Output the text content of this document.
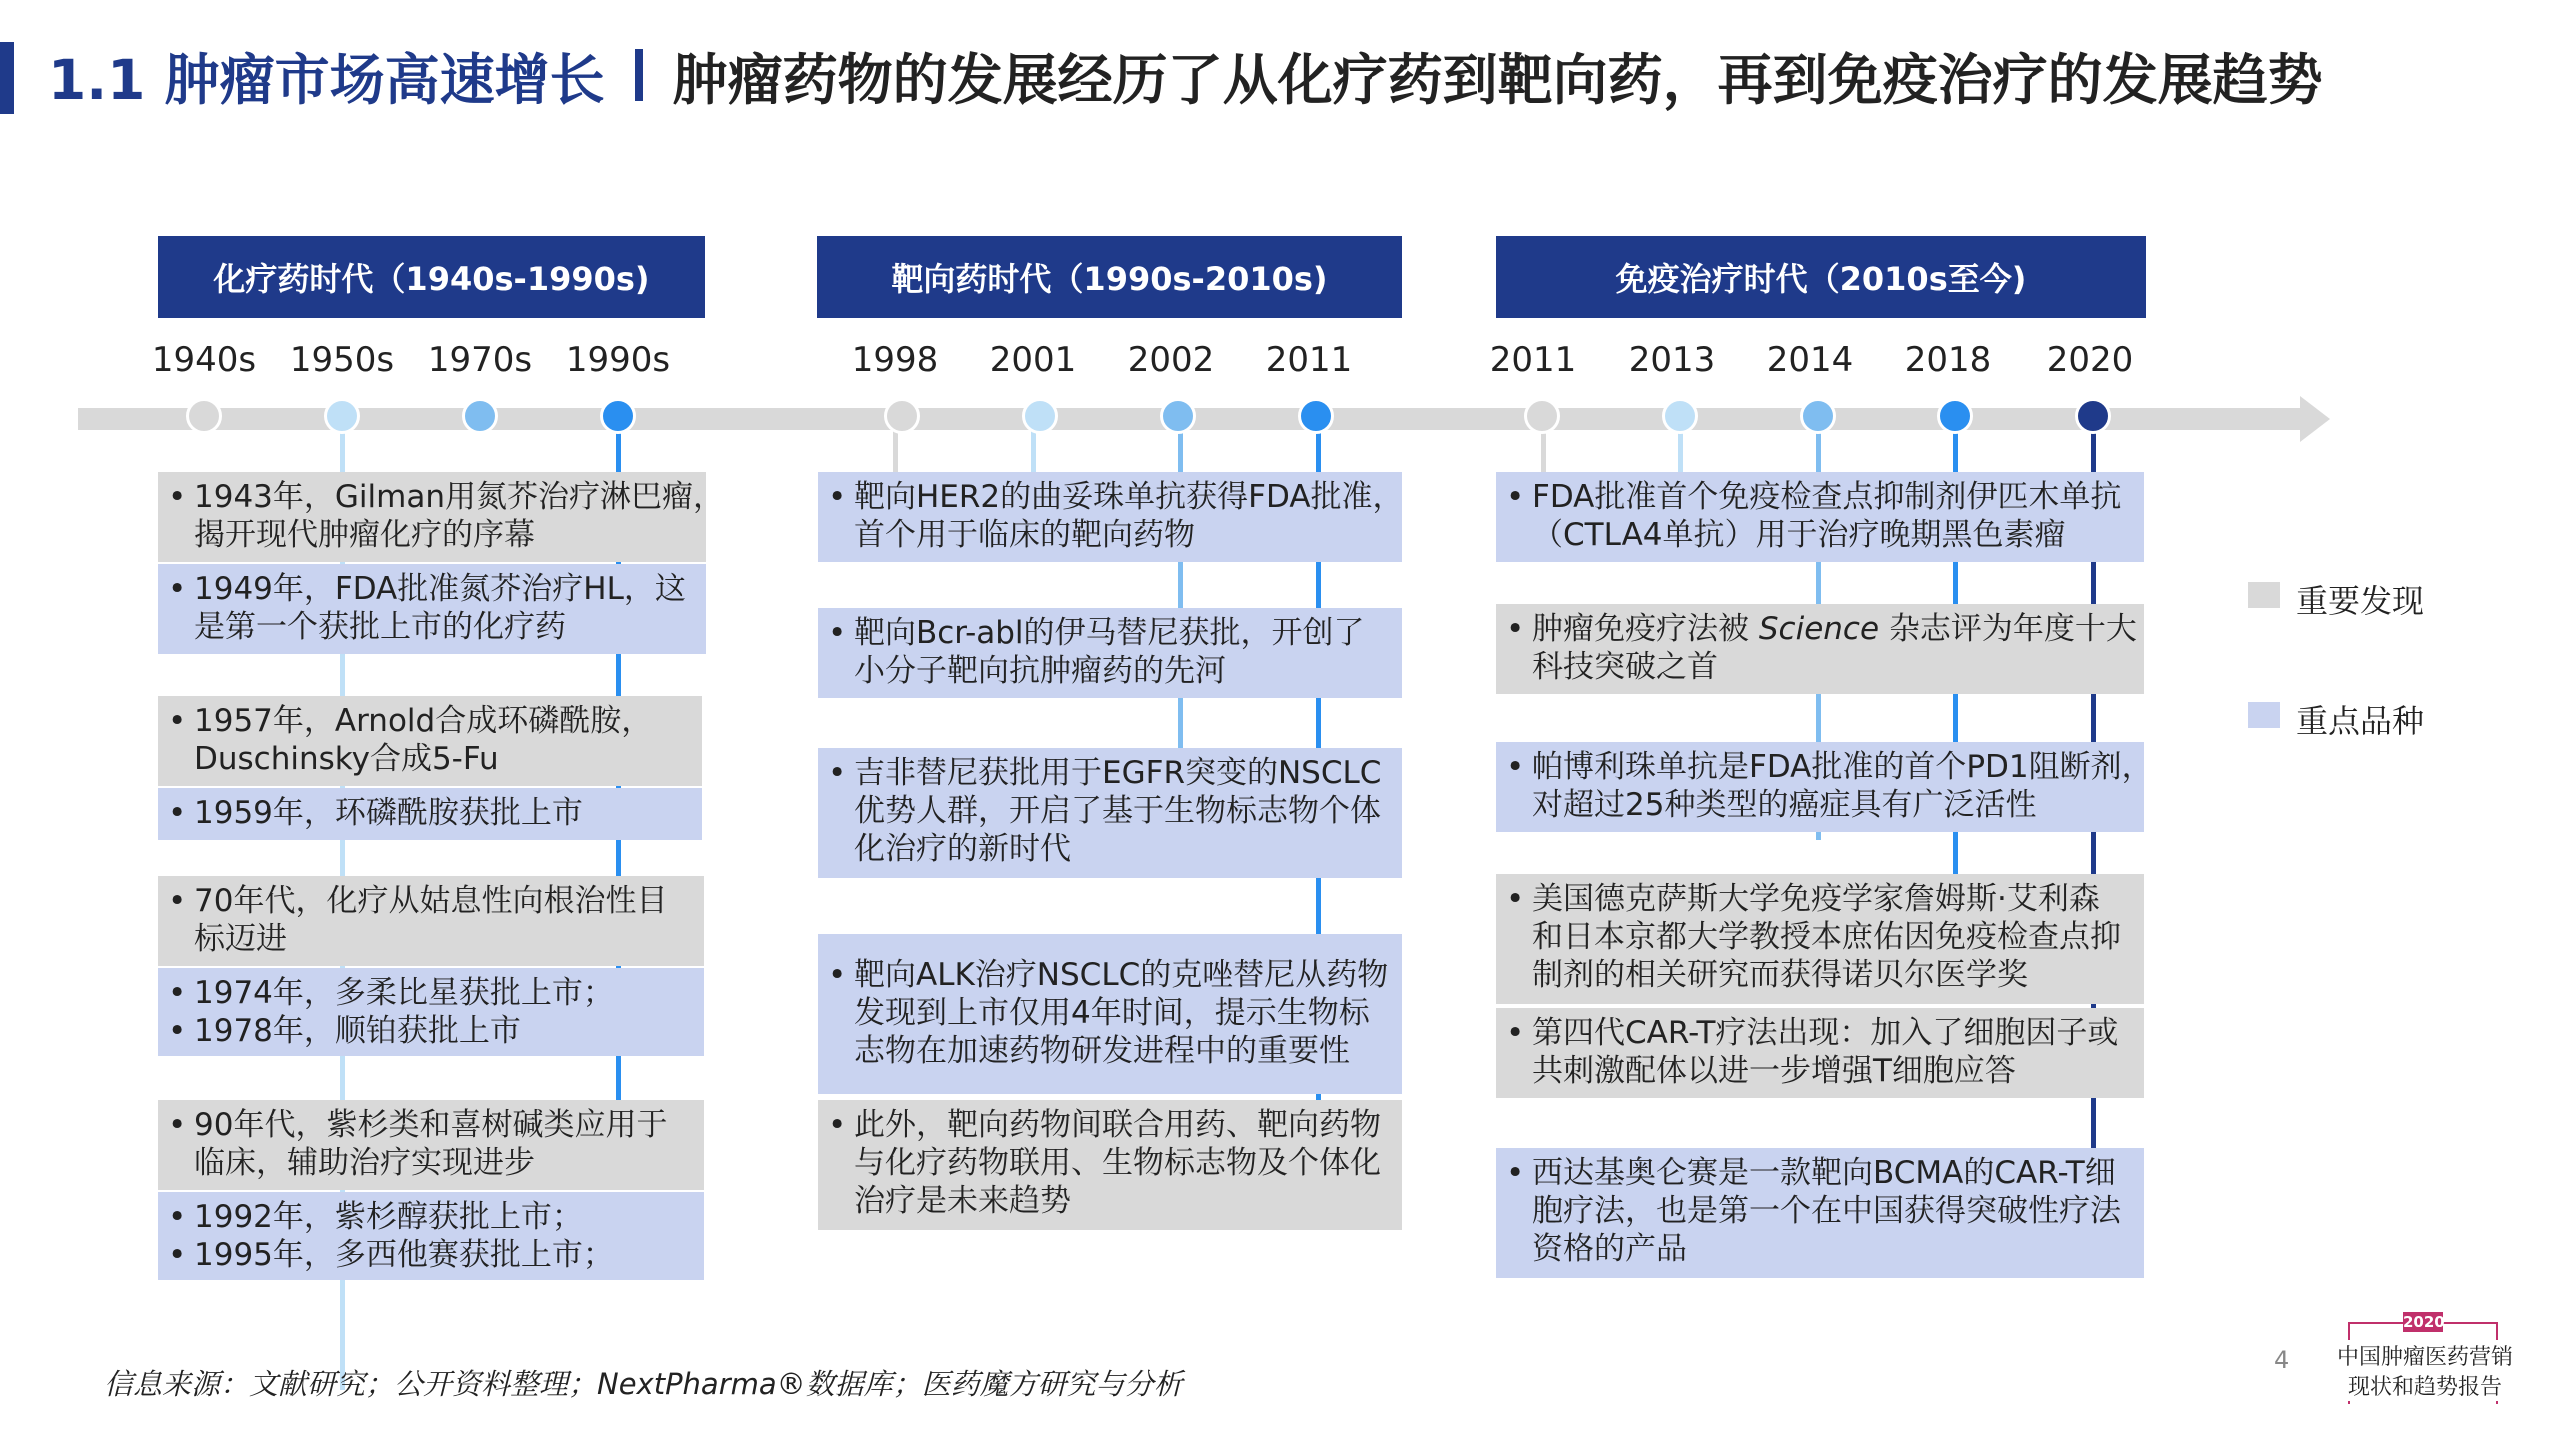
1.1 肿瘤市场高速增长 肿瘤药物的发展经历了从化疗药到靶向药，再到免疫治疗的发展趋势
化疗药时代（1940s-1990s)	靶向药时代（1990s-2010s)	免疫治疗时代（2010s至今)
1940s 1950s 1970s 1990s	1998	2001	2002	2011	2011	2013	2014	2018	2020
• 1943年，Gilman用氮芥治疗淋巴瘤，
揭开现代肿瘤化疗的序幕
• 1949年，FDA批准氮芥治疗HL，这
是第一个获批上市的化疗药
• 1957年，Arnold合成环磷酰胺，
Duschinsky合成5-Fu
• 1959年，环磷酰胺获批上市
• 70年代，化疗从姑息性向根治性目
标迈进
• 1974年，多柔比星获批上市；
• 1978年，顺铂获批上市
• 90年代，紫杉类和喜树碱类应用于
临床，辅助治疗实现进步
• 1992年，紫杉醇获批上市；
• 1995年，多西他赛获批上市；
• 靶向HER2的曲妥珠单抗获得FDA批准，
首个用于临床的靶向药物
• 靶向Bcr-abl的伊马替尼获批，开创了
小分子靶向抗肿瘤药的先河
• 吉非替尼获批用于EGFR突变的NSCLC
优势人群，开启了基于生物标志物个体
化治疗的新时代
• 靶向ALK治疗NSCLC的克唑替尼从药物
发现到上市仅用4年时间，提示生物标
志物在加速药物研发进程中的重要性
• 此外，靶向药物间联合用药、靶向药物
与化疗药物联用、生物标志物及个体化
治疗是未来趋势
• FDA批准首个免疫检查点抑制剂伊匹木单抗
（CTLA4单抗）用于治疗晚期黑色素瘤
• 肿瘤免疫疗法被 Science 杂志评为年度十大
科技突破之首
• 帕博利珠单抗是FDA批准的首个PD1阻断剂，
对超过25种类型的癌症具有广泛活性
• 美国德克萨斯大学免疫学家詹姆斯·艾利森
和日本京都大学教授本庶佑因免疫检查点抑
制剂的相关研究而获得诺贝尔医学奖
• 第四代CAR-T疗法出现：加入了细胞因子或
共刺激配体以进一步增强T细胞应答
• 西达基奥仑赛是一款靶向BCMA的CAR-T细
胞疗法，也是第一个在中国获得突破性疗法
资格的产品
重要发现
重点品种
信息来源：文献研究；公开资料整理；NextPharma®数据库；医药魔方研究与分析
4
2020
中国肿瘤医药营销
现状和趋势报告
